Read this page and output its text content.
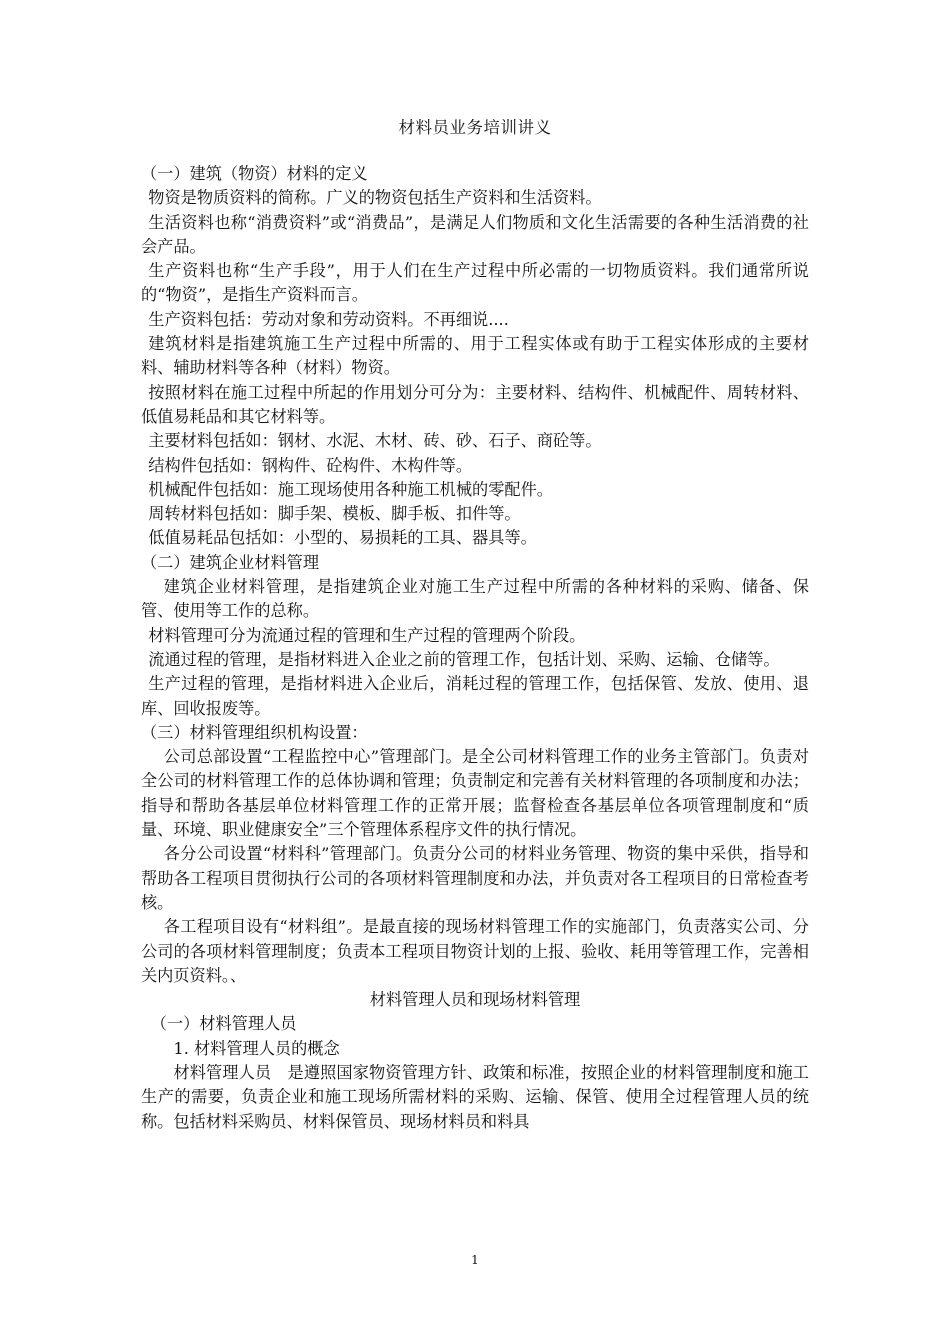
材料员业务培训讲义

（一）建筑（物资）材料的定义

物资是物质资料的简称。广义的物资包括生产资料和生活资料。

生活资料也称“消费资料”或“消费品”，是满足人们物质和文化生活需要的各种生活消费的社会产品。

生产资料也称“生产手段”，用于人们在生产过程中所必需的一切物质资料。我们通常所说的“物资”，是指生产资料而言。

生产资料包括：劳动对象和劳动资料。不再细说....

建筑材料是指建筑施工生产过程中所需的、用于工程实体或有助于工程实体形成的主要材料、辅助材料等各种（材料）物资。

按照材料在施工过程中所起的作用划分可分为：主要材料、结构件、机械配件、周转材料、低值易耗品和其它材料等。

主要材料包括如：钢材、水泥、木材、砖、砂、石子、商砼等。

结构件包括如：钢构件、砼构件、木构件等。

机械配件包括如：施工现场使用各种施工机械的零配件。

周转材料包括如：脚手架、模板、脚手板、扣件等。

低值易耗品包括如：小型的、易损耗的工具、器具等。

（二）建筑企业材料管理

建筑企业材料管理，是指建筑企业对施工生产过程中所需的各种材料的采购、储备、保管、使用等工作的总称。

材料管理可分为流通过程的管理和生产过程的管理两个阶段。

流通过程的管理，是指材料进入企业之前的管理工作，包括计划、采购、运输、仓储等。

生产过程的管理，是指材料进入企业后，消耗过程的管理工作，包括保管、发放、使用、退库、回收报废等。

（三）材料管理组织机构设置：

公司总部设置“工程监控中心”管理部门。是全公司材料管理工作的业务主管部门。负责对全公司的材料管理工作的总体协调和管理；负责制定和完善有关材料管理的各项制度和办法；指导和帮助各基层单位材料管理工作的正常开展；监督检查各基层单位各项管理制度和“质量、环境、职业健康安全”三个管理体系程序文件的执行情况。

各分公司设置“材料科”管理部门。负责分公司的材料业务管理、物资的集中采供，指导和帮助各工程项目贯彻执行公司的各项材料管理制度和办法，并负责对各工程项目的日常检查考核。

各工程项目设有“材料组”。是最直接的现场材料管理工作的实施部门，负责落实公司、分公司的各项材料管理制度；负责本工程项目物资计划的上报、验收、耗用等管理工作，完善相关内页资料。、

材料管理人员和现场材料管理

（一）材料管理人员

1. 材料管理人员的概念

材料管理人员　是遵照国家物资管理方针、政策和标准，按照企业的材料管理制度和施工生产的需要，负责企业和施工现场所需材料的采购、运输、保管、使用全过程管理人员的统称。包括材料采购员、材料保管员、现场材料员和料具

1
